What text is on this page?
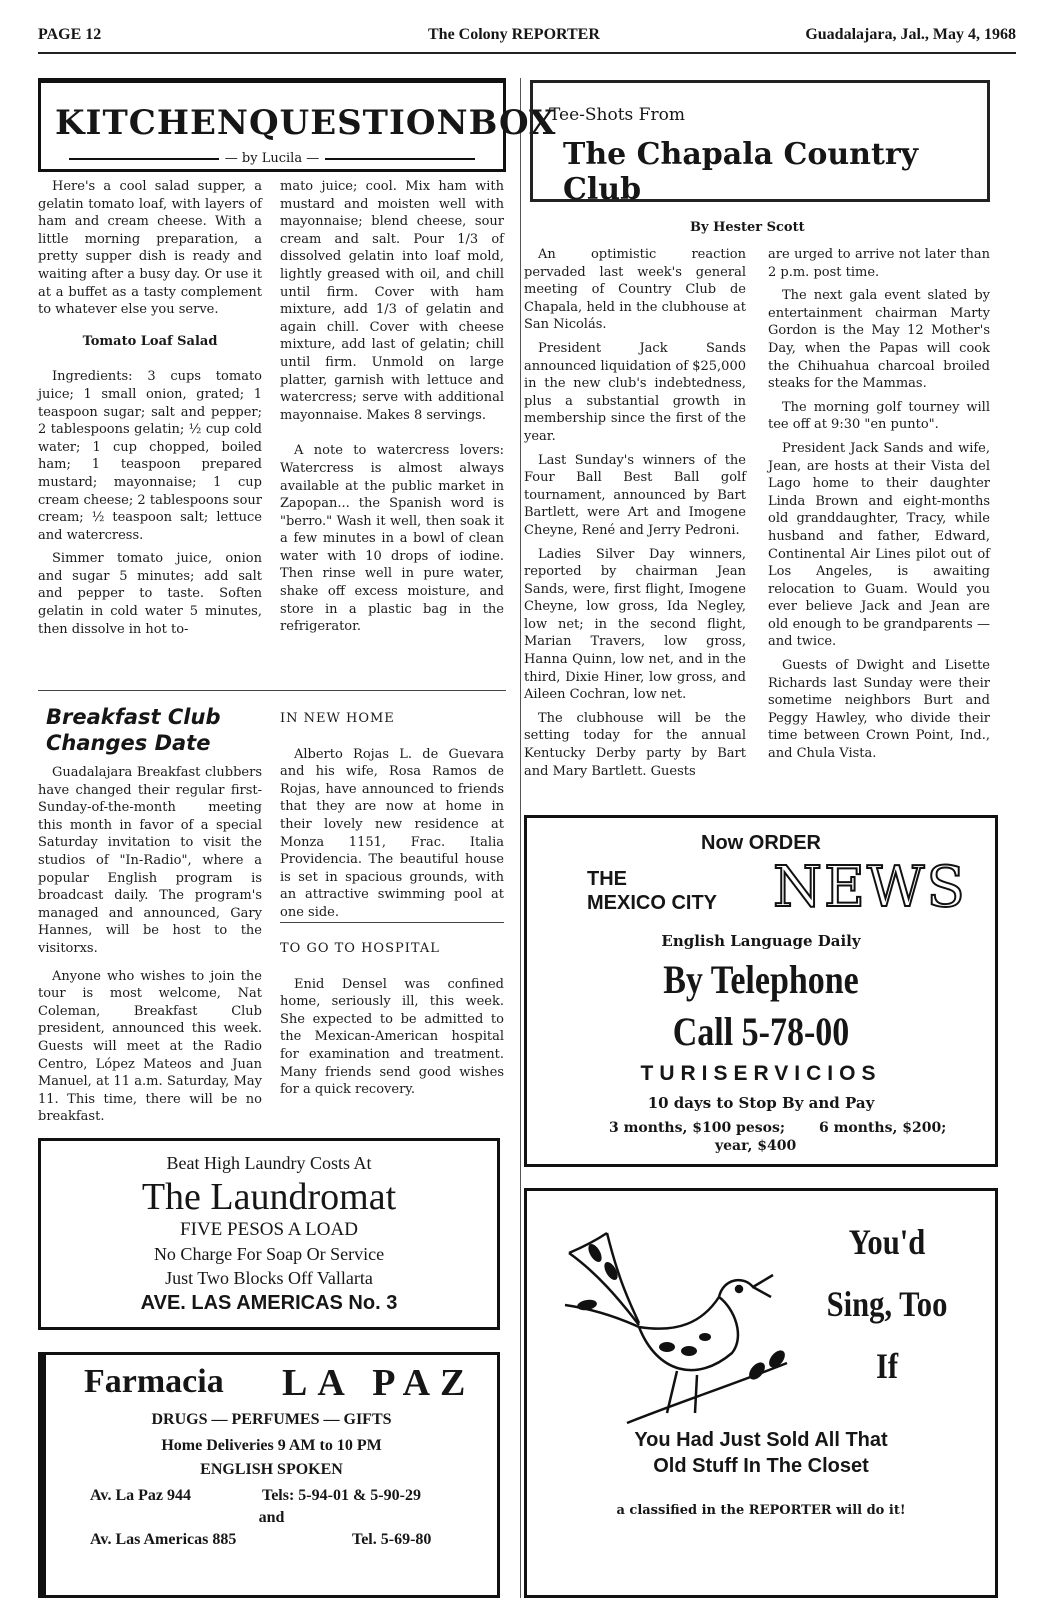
PAGE 12	The Colony REPORTER	Guadalajara, Jal., May 4, 1968
KITCHEN QUESTION BOX
— by Lucila —

Here's a cool salad supper, a gelatin tomato loaf, with layers of ham and cream cheese. With a little morning preparation, a pretty supper dish is ready and waiting after a busy day. Or use it at a buffet as a tasty complement to whatever else you serve.

Tomato Loaf Salad

Ingredients: 3 cups tomato juice; 1 small onion, grated; 1 teaspoon sugar; salt and pepper; 2 tablespoons gelatin; ½ cup cold water; 1 cup chopped, boiled ham; 1 teaspoon prepared mustard; mayonnaise; 1 cup cream cheese; 2 tablespoons sour cream; ½ teaspoon salt; lettuce and watercress.

Simmer tomato juice, onion and sugar 5 minutes; add salt and pepper to taste. Soften gelatin in cold water 5 minutes, then dissolve in hot to-

mato juice; cool. Mix ham with mustard and moisten well with mayonnaise; blend cheese, sour cream and salt. Pour 1/3 of dissolved gelatin into loaf mold, lightly greased with oil, and chill until firm. Cover with ham mixture, add 1/3 of gelatin and again chill. Cover with cheese mixture, add last of gelatin; chill until firm. Unmold on large platter, garnish with lettuce and watercress; serve with additional mayonnaise. Makes 8 servings.

A note to watercress lovers: Watercress is almost always available at the public market in Zapopan... the Spanish word is "berro." Wash it well, then soak it a few minutes in a bowl of clean water with 10 drops of iodine. Then rinse well in pure water, shake off excess moisture, and store in a plastic bag in the refrigerator.

Breakfast Club
Changes Date

Guadalajara Breakfast clubbers have changed their regular first-Sunday-of-the-month meeting this month in favor of a special Saturday invitation to visit the studios of "In-Radio", where a popular English program is broadcast daily. The program's managed and announced, Gary Hannes, will be host to the visitorxs.

Anyone who wishes to join the tour is most welcome, Nat Coleman, Breakfast Club president, announced this week. Guests will meet at the Radio Centro, López Mateos and Juan Manuel, at 11 a.m. Saturday, May 11. This time, there will be no breakfast.

IN NEW HOME

Alberto Rojas L. de Guevara and his wife, Rosa Ramos de Rojas, have announced to friends that they are now at home in their lovely new residence at Monza 1151, Frac. Italia Providencia. The beautiful house is set in spacious grounds, with an attractive swimming pool at one side.

TO GO TO HOSPITAL

Enid Densel was confined home, seriously ill, this week. She expected to be admitted to the Mexican-American hospital for examination and treatment. Many friends send good wishes for a quick recovery.

Tee-Shots From
The Chapala Country Club
By Hester Scott

An optimistic reaction pervaded last week's general meeting of Country Club de Chapala, held in the clubhouse at San Nicolás.

President Jack Sands announced liquidation of $25,000 in the new club's indebtedness, plus a substantial growth in membership since the first of the year.

Last Sunday's winners of the Four Ball Best Ball golf tournament, announced by Bart Bartlett, were Art and Imogene Cheyne, René and Jerry Pedroni.

Ladies Silver Day winners, reported by chairman Jean Sands, were, first flight, Imogene Cheyne, low gross, Ida Negley, low net; in the second flight, Marian Travers, low gross, Hanna Quinn, low net, and in the third, Dixie Hiner, low gross, and Aileen Cochran, low net.

The clubhouse will be the setting today for the annual Kentucky Derby party by Bart and Mary Bartlett. Guests

are urged to arrive not later than 2 p.m. post time.

The next gala event slated by entertainment chairman Marty Gordon is the May 12 Mother's Day, when the Papas will cook the Chihuahua charcoal broiled steaks for the Mammas.

The morning golf tourney will tee off at 9:30 "en punto".

President Jack Sands and wife, Jean, are hosts at their Vista del Lago home to their daughter Linda Brown and eight-months old granddaughter, Tracy, while husband and father, Edward, Continental Air Lines pilot out of Los Angeles, is awaiting relocation to Guam. Would you ever believe Jack and Jean are old enough to be grandparents — and twice.

Guests of Dwight and Lisette Richards last Sunday were their sometime neighbors Burt and Peggy Hawley, who divide their time between Crown Point, Ind., and Chula Vista.

Now ORDER
THE
MEXICO CITY NEWS
English Language Daily
By Telephone
Call 5-78-00
TURISERVICIOS
10 days to Stop By and Pay
3 months, $100 pesos; 6 months, $200;
year, $400
Beat High Laundry Costs At
The Laundromat
FIVE PESOS A LOAD
No Charge For Soap Or Service
Just Two Blocks Off Vallarta
AVE. LAS AMERICAS No. 3
Farmacia LA PAZ
DRUGS — PERFUMES — GIFTS
Home Deliveries 9 AM to 10 PM
ENGLISH SPOKEN
Av. La Paz 944	Tels: 5-94-01 & 5-90-29
and
Av. Las Americas 885	Tel. 5-69-80
You'd
Sing, Too
If
You Had Just Sold All That
Old Stuff In The Closet
a classified in the REPORTER will do it!
